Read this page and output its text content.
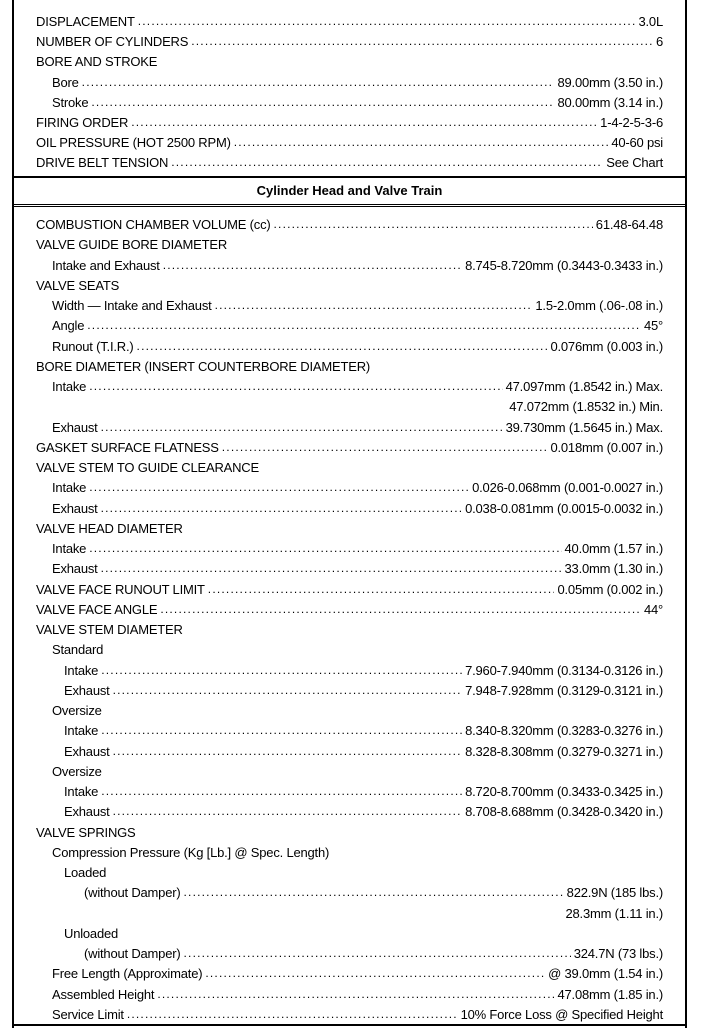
DISPLACEMENT .....	3.0L
NUMBER OF CYLINDERS .....	6
BORE AND STROKE
Bore .....	89.00mm (3.50 in.)
Stroke .....	80.00mm (3.14 in.)
FIRING ORDER .....	1-4-2-5-3-6
OIL PRESSURE (HOT 2500 RPM) .....	40-60 psi
DRIVE BELT TENSION .....	See Chart
Cylinder Head and Valve Train
COMBUSTION CHAMBER VOLUME (cc) .....	61.48-64.48
VALVE GUIDE BORE DIAMETER
Intake and Exhaust .....	8.745-8.720mm (0.3443-0.3433 in.)
VALVE SEATS
Width — Intake and Exhaust .....	1.5-2.0mm (.06-.08 in.)
Angle .....	45°
Runout (T.I.R.) .....	0.076mm (0.003 in.)
BORE DIAMETER (INSERT COUNTERBORE DIAMETER)
Intake .....	47.097mm (1.8542 in.) Max.
47.072mm (1.8532 in.) Min.
Exhaust .....	39.730mm (1.5645 in.) Max.
GASKET SURFACE FLATNESS .....	0.018mm (0.007 in.)
VALVE STEM TO GUIDE CLEARANCE
Intake .....	0.026-0.068mm (0.001-0.0027 in.)
Exhaust .....	0.038-0.081mm (0.0015-0.0032 in.)
VALVE HEAD DIAMETER
Intake .....	40.0mm (1.57 in.)
Exhaust .....	33.0mm (1.30 in.)
VALVE FACE RUNOUT LIMIT .....	0.05mm (0.002 in.)
VALVE FACE ANGLE .....	44°
VALVE STEM DIAMETER
Standard
Intake .....	7.960-7.940mm (0.3134-0.3126 in.)
Exhaust .....	7.948-7.928mm (0.3129-0.3121 in.)
Oversize
Intake .....	8.340-8.320mm (0.3283-0.3276 in.)
Exhaust .....	8.328-8.308mm (0.3279-0.3271 in.)
Oversize
Intake .....	8.720-8.700mm (0.3433-0.3425 in.)
Exhaust .....	8.708-8.688mm (0.3428-0.3420 in.)
VALVE SPRINGS
Compression Pressure (Kg [Lb.] @ Spec. Length)
Loaded
(without Damper) .....	822.9N (185 lbs.)
28.3mm (1.11 in.)
Unloaded
(without Damper) .....	324.7N (73 lbs.)
Free Length (Approximate) .....	@ 39.0mm (1.54 in.)
Assembled Height .....	47.08mm (1.85 in.)
Service Limit .....	10% Force Loss @ Specified Height
